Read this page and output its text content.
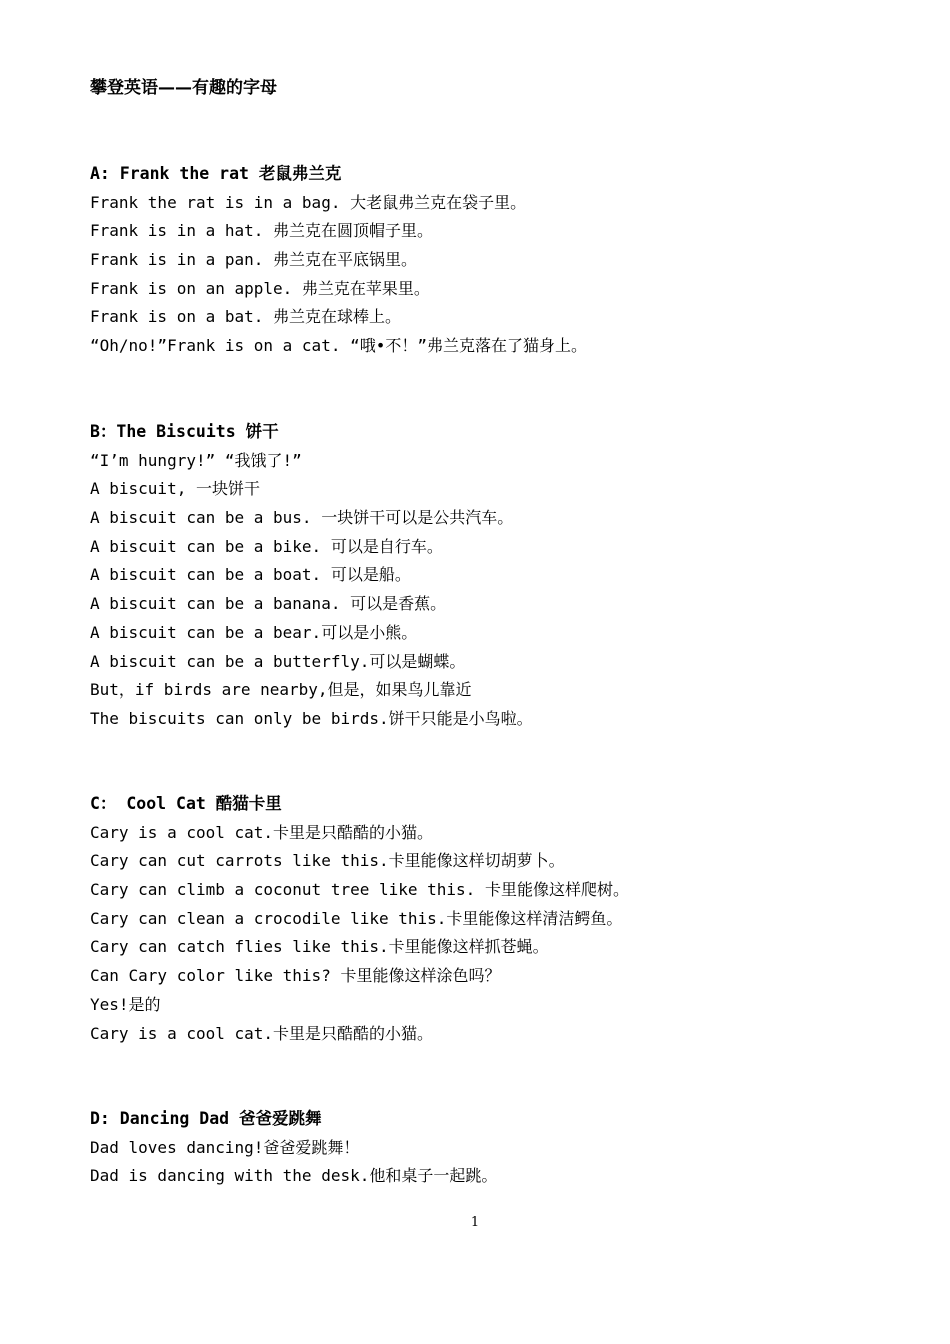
攀登英语——有趣的字母
A: Frank the rat 老鼠弗兰克
Frank the rat is in a bag. 大老鼠弗兰克在袋子里。
Frank is in a hat. 弗兰克在圆顶帽子里。
Frank is in a pan. 弗兰克在平底锅里。
Frank is on an apple. 弗兰克在苹果里。
Frank is on a bat. 弗兰克在球棒上。
“Oh/no!”Frank is on a cat. “哦•不！”弗兰克落在了猫身上。
B：The Biscuits 饼干
“I’m hungry!” “我饿了!”
A biscuit, 一块饼干
A biscuit can be a bus. 一块饼干可以是公共汽车。
A biscuit can be a bike. 可以是自行车。
A biscuit can be a boat. 可以是船。
A biscuit can be a banana. 可以是香蕉。
A biscuit can be a bear.可以是小熊。
A biscuit can be a butterfly.可以是蝴蝶。
But，if birds are nearby,但是，如果鸟儿靠近
The biscuits can only be birds.饼干只能是小鸟啦。
C： Cool Cat 酷猫卡里
Cary is a cool cat.卡里是只酷酷的小猫。
Cary can cut carrots like this.卡里能像这样切胡萝卜。
Cary can climb a coconut tree like this. 卡里能像这样爬树。
Cary can clean a crocodile like this.卡里能像这样清洁鳄鱼。
Cary can catch flies like this.卡里能像这样抓苍蝇。
Can Cary color like this? 卡里能像这样涂色吗？
Yes!是的
Cary is a cool cat.卡里是只酷酷的小猫。
D: Dancing Dad 爸爸爱跳舞
Dad loves dancing!爸爸爱跳舞！
Dad is dancing with the desk.他和桌子一起跳。
1
